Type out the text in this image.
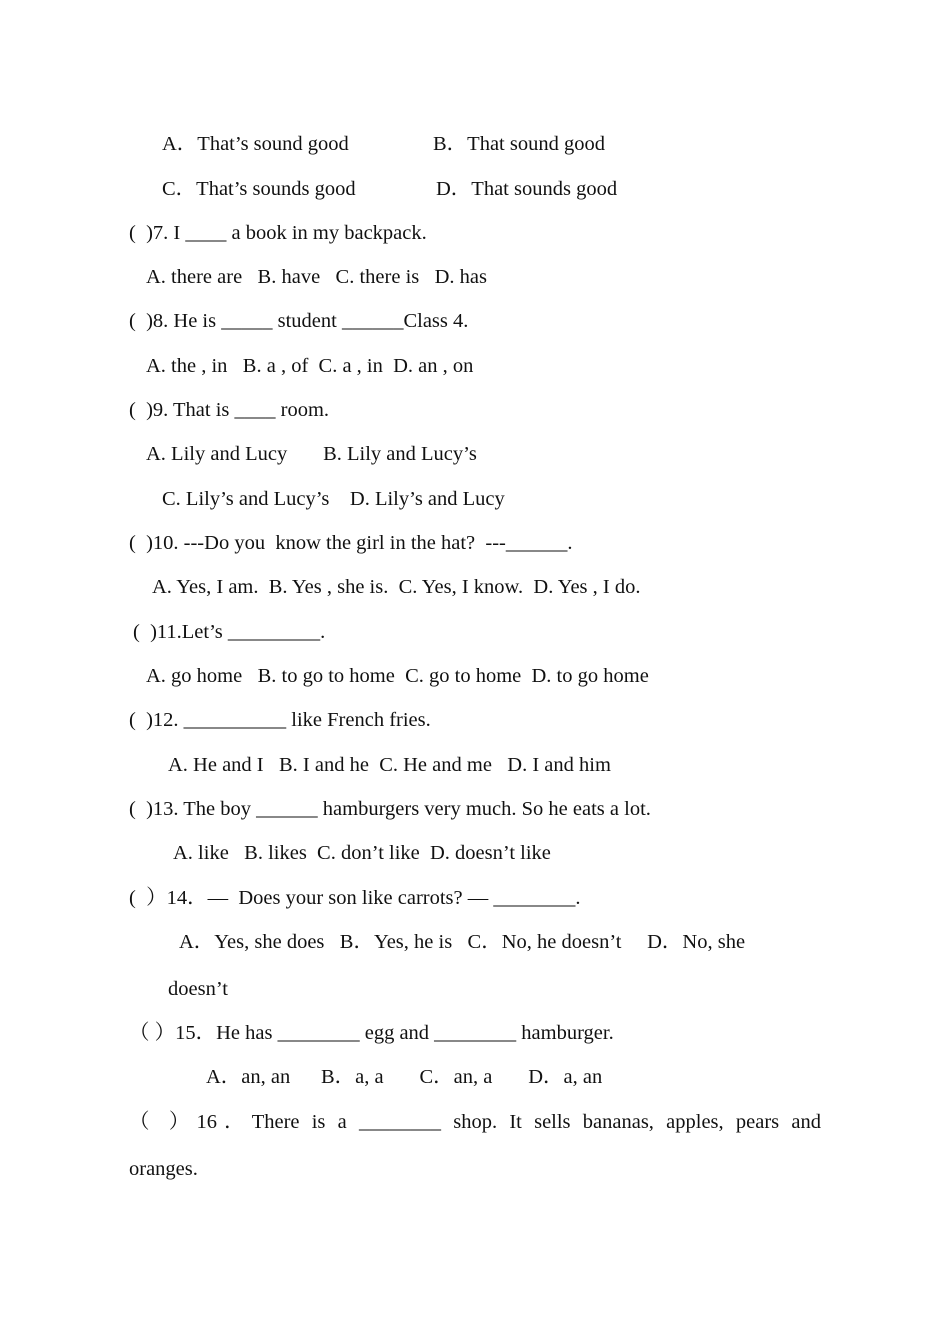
A．That’s sound good	B．That sound good
C．That’s sounds good	D．That sounds good
(  )7. I ____ a book in my backpack.
A. there are   B. have   C. there is   D. has
(  )8. He is _____ student ______Class 4.
A. the , in   B. a , of  C. a , in  D. an , on
(  )9. That is ____ room.
A. Lily and Lucy       B. Lily and Lucy’s
C. Lily’s and Lucy’s    D. Lily’s and Lucy
(  )10. ---Do you  know the girl in the hat?  ---______.
A. Yes, I am.  B. Yes , she is.  C. Yes, I know.  D. Yes , I do.
(  )11.Let’s _________.
A. go home   B. to go to home  C. go to home  D. to go home
(  )12. __________ like French fries.
A. He and I   B. I and he  C. He and me   D. I and him
(  )13. The boy ______ hamburgers very much. So he eats a lot.
A. like   B. likes  C. don’t like  D. doesn’t like
(  ）14．—  Does your son like carrots? — ________.
A．Yes, she does   B．Yes, he is   C．No, he doesn’t     D．No, she
doesn’t
（ ）15．He has ________ egg and ________ hamburger.
A．an, an      B．a, a       C．an, a       D．a, an
（ ）16．There is a ________ shop. It sells bananas, apples, pears and
oranges.
